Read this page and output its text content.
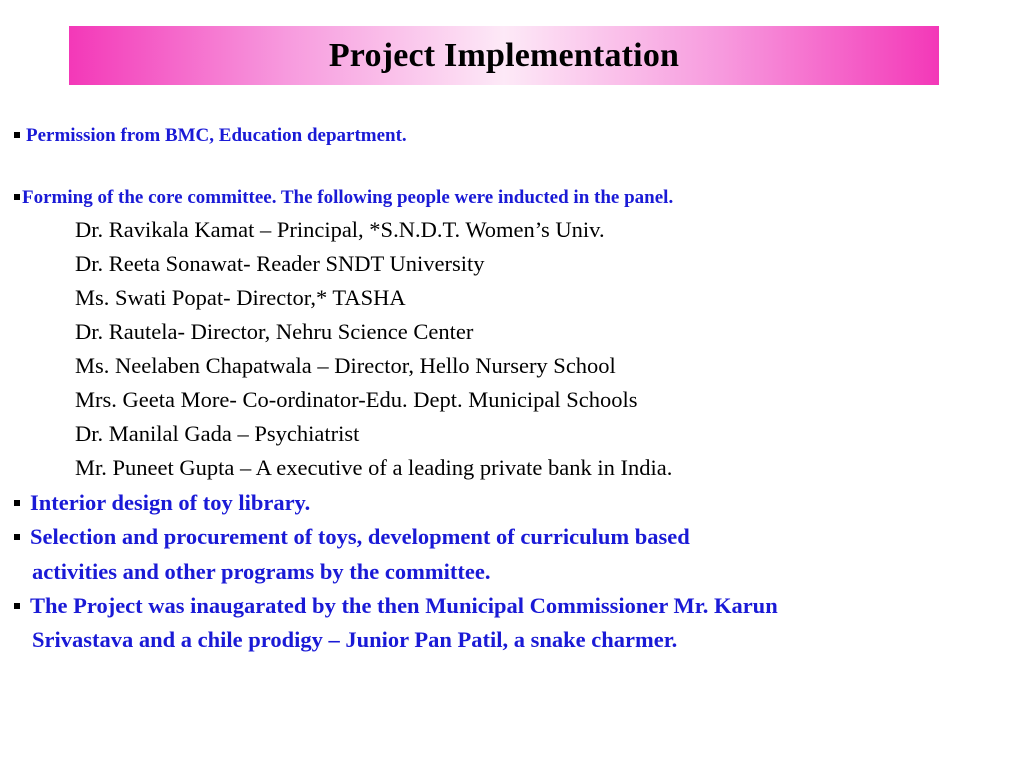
Project Implementation
Permission from BMC, Education department.
Forming of the core committee. The following people were inducted in the panel.
Dr. Ravikala Kamat – Principal, *S.N.D.T. Women’s Univ.
Dr. Reeta Sonawat- Reader SNDT University
Ms. Swati Popat- Director,* TASHA
Dr. Rautela- Director, Nehru Science Center
Ms. Neelaben Chapatwala – Director, Hello Nursery School
Mrs. Geeta More- Co-ordinator-Edu. Dept. Municipal Schools
Dr. Manilal Gada – Psychiatrist
Mr. Puneet Gupta – A executive of a leading private bank in India.
Interior design of toy library.
Selection and procurement of toys, development of curriculum based
activities and other programs by the committee.
The Project was inaugarated by the then Municipal Commissioner Mr. Karun
Srivastava and a chile prodigy – Junior Pan Patil, a snake charmer.
